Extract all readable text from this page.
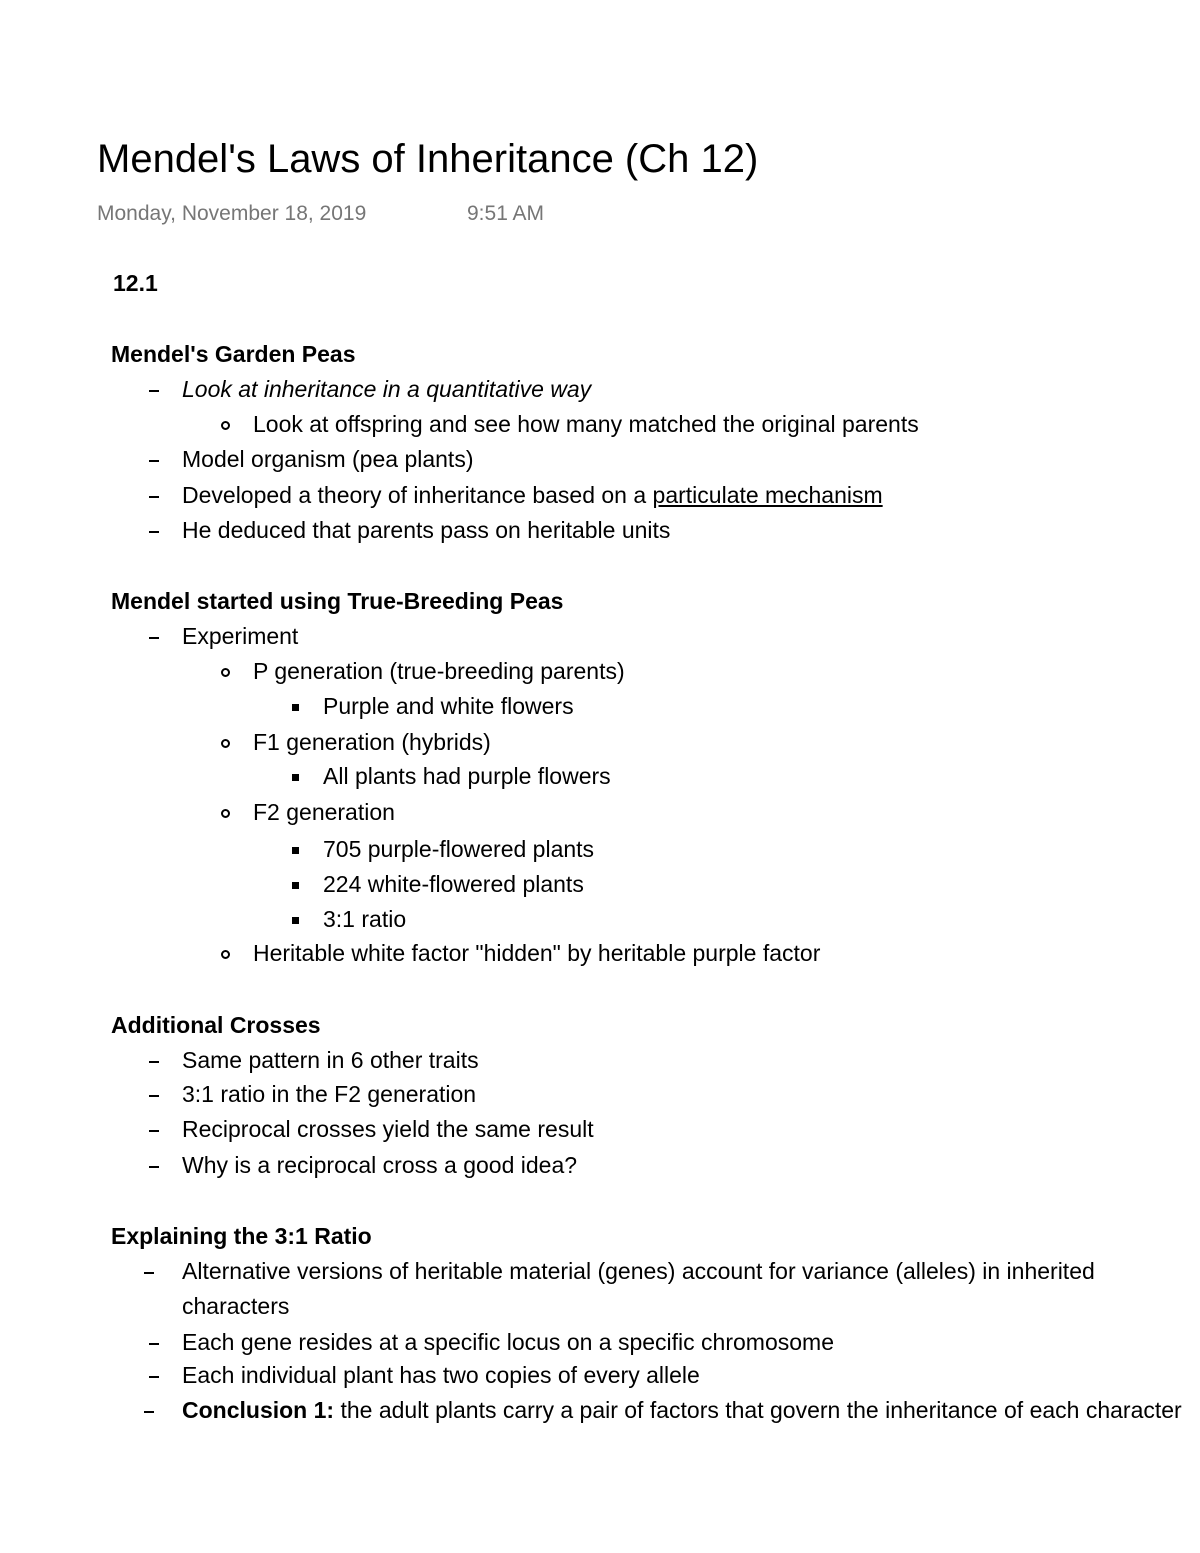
Mendel's Laws of Inheritance (Ch 12)
Monday, November 18, 2019	9:51 AM
12.1
Mendel's Garden Peas
Look at inheritance in a quantitative way
Look at offspring and see how many matched the original parents
Model organism (pea plants)
Developed a theory of inheritance based on a particulate mechanism
He deduced that parents pass on heritable units
Mendel started using True-Breeding Peas
Experiment
P generation (true-breeding parents)
Purple and white flowers
F1 generation (hybrids)
All plants had purple flowers
F2 generation
705 purple-flowered plants
224 white-flowered plants
3:1 ratio
Heritable white factor "hidden" by heritable purple factor
Additional Crosses
Same pattern in 6 other traits
3:1 ratio in the F2 generation
Reciprocal crosses yield the same result
Why is a reciprocal cross a good idea?
Explaining the 3:1 Ratio
Alternative versions of heritable material (genes) account for variance (alleles) in inherited
characters
Each gene resides at a specific locus on a specific chromosome
Each individual plant has two copies of every allele
Conclusion 1: the adult plants carry a pair of factors that govern the inheritance of each character
